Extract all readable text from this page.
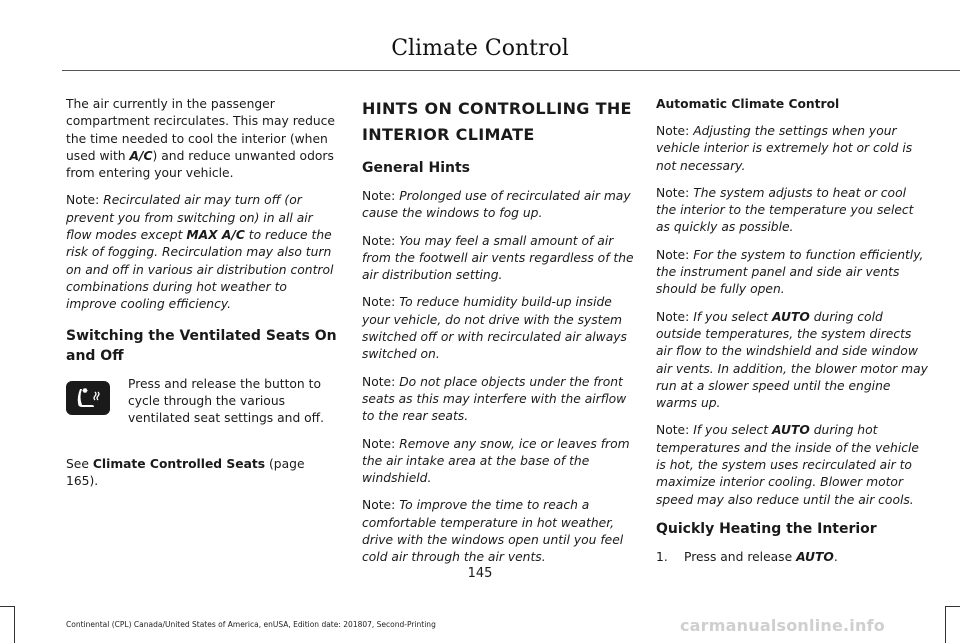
Climate Control

The air currently in the passenger compartment recirculates. This may reduce the time needed to cool the interior (when used with A/C) and reduce unwanted odors from entering your vehicle.

Note: Recirculated air may turn off (or prevent you from switching on) in all air flow modes except MAX A/C to reduce the risk of fogging. Recirculation may also turn on and off in various air distribution control combinations during hot weather to improve cooling efficiency.

Switching the Ventilated Seats On and Off

Press and release the button to cycle through the various ventilated seat settings and off.

See Climate Controlled Seats (page 165).

HINTS ON CONTROLLING THE
INTERIOR CLIMATE
General Hints

Note: Prolonged use of recirculated air may cause the windows to fog up.

Note: You may feel a small amount of air from the footwell air vents regardless of the air distribution setting.

Note: To reduce humidity build-up inside your vehicle, do not drive with the system switched off or with recirculated air always switched on.

Note: Do not place objects under the front seats as this may interfere with the airflow to the rear seats.

Note: Remove any snow, ice or leaves from the air intake area at the base of the windshield.

Note: To improve the time to reach a comfortable temperature in hot weather, drive with the windows open until you feel cold air through the air vents.

Automatic Climate Control

Note: Adjusting the settings when your vehicle interior is extremely hot or cold is not necessary.

Note: The system adjusts to heat or cool the interior to the temperature you select as quickly as possible.

Note: For the system to function efficiently, the instrument panel and side air vents should be fully open.

Note: If you select AUTO during cold outside temperatures, the system directs air flow to the windshield and side window air vents. In addition, the blower motor may run at a slower speed until the engine warms up.

Note: If you select AUTO during hot temperatures and the inside of the vehicle is hot, the system uses recirculated air to maximize interior cooling. Blower motor speed may also reduce until the air cools.

Quickly Heating the Interior

1.	Press and release AUTO.

145
Continental (CPL) Canada/United States of America, enUSA, Edition date: 201807, Second-Printing	carmanualsonline.info
